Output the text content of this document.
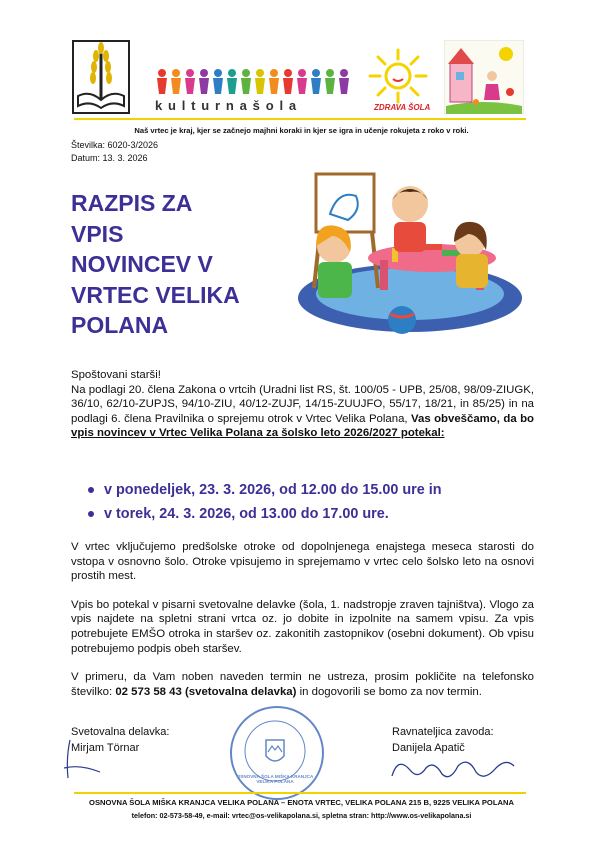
kulturnašola	ZDRAVA ŠOLA
Naš vrtec je kraj, kjer se začnejo majhni koraki in kjer se igra in učenje rokujeta z roko v roki.
Številka: 6020-3/2026
Datum: 13. 3. 2026
RAZPIS ZA
VPIS
NOVINCEV V
VRTEC VELIKA
POLANA

Spoštovani starši!

Na podlagi 20. člena Zakona o vrtcih (Uradni list RS, št. 100/05 - UPB, 25/08, 98/09-ZIUGK, 36/10, 62/10-ZUPJS, 94/10-ZIU, 40/12-ZUJF, 14/15-ZUUJFO, 55/17, 18/21, in 85/25) in na podlagi 6. člena Pravilnika o sprejemu otrok v Vrtec Velika Polana, Vas obveščamo, da bo vpis novincev v Vrtec Velika Polana za šolsko leto 2026/2027 potekal:

v ponedeljek, 23. 3. 2026, od 12.00 do 15.00 ure in
v torek, 24. 3. 2026, od 13.00 do 17.00 ure.

V vrtec vključujemo predšolske otroke od dopolnjenega enajstega meseca starosti do vstopa v osnovno šolo. Otroke vpisujemo in sprejemamo v vrtec celo šolsko leto na osnovi prostih mest.

Vpis bo potekal v pisarni svetovalne delavke (šola, 1. nadstropje zraven tajništva). Vlogo za vpis najdete na spletni strani vrtca oz. jo dobite in izpolnite na samem vpisu. Za vpis potrebujete EMŠO otroka in staršev oz. zakonitih zastopnikov (osebni dokument). Ob vpisu potrebujemo podpis obeh staršev.

V primeru, da Vam noben naveden termin ne ustreza, prosim pokličite na telefonsko številko: 02 573 58 43 (svetovalna delavka) in dogovorili se bomo za nov termin.

Svetovalna delavka:
Mirjam Törnar
OSNOVNA ŠOLA MIŠKA KRANJCA VELIKA POLANA
Ravnateljica zavoda:
Danijela Apatič
OSNOVNA ŠOLA MIŠKA KRANJCA VELIKA POLANA – ENOTA VRTEC, VELIKA POLANA 215 B, 9225 VELIKA POLANA
telefon: 02-573-58-49, e-mail: vrtec@os-velikapolana.si, spletna stran: http://www.os-velikapolana.si
